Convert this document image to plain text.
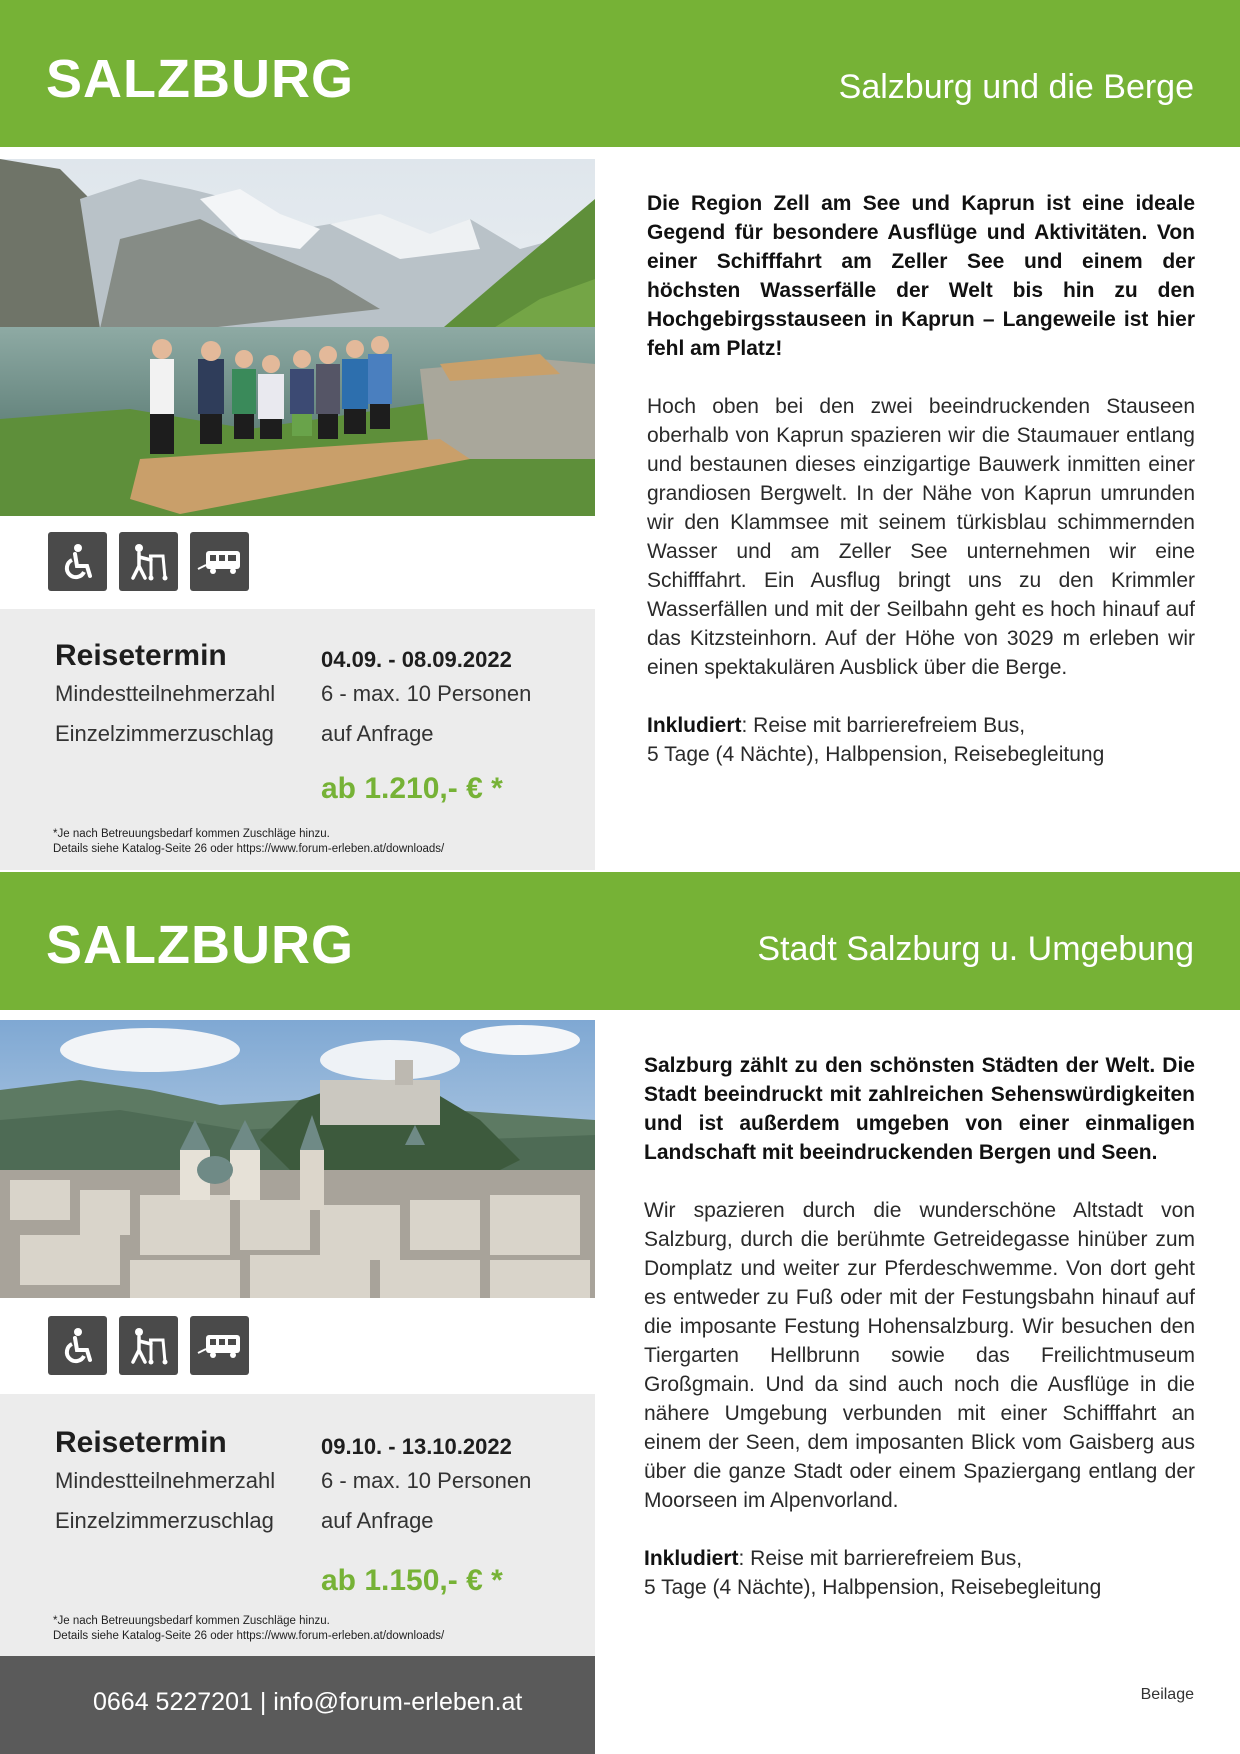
SALZBURG	Salzburg und die Berge
Reisetermin	04.09. - 08.09.2022
Mindestteilnehmerzahl 6 - max. 10 Personen
Einzelzimmerzuschlag auf Anfrage
ab 1.210,- € *
*Je nach Betreuungsbedarf kommen Zuschläge hinzu.
Details siehe Katalog-Seite 26 oder https://www.forum-erleben.at/downloads/

Die Region Zell am See und Kaprun ist eine ideale Gegend für besondere Ausflüge und Aktivitäten. Von einer Schifffahrt am Zeller See und einem der höchsten Wasserfälle der Welt bis hin zu den Hochgebirgsstauseen in Kaprun – Langeweile ist hier fehl am Platz!

Hoch oben bei den zwei beeindruckenden Stauseen oberhalb von Kaprun spazieren wir die Staumauer entlang und bestaunen dieses einzigartige Bauwerk inmitten einer grandiosen Bergwelt. In der Nähe von Kaprun umrunden wir den Klammsee mit seinem türkisblau schimmernden Wasser und am Zeller See unternehmen wir eine Schifffahrt. Ein Ausflug bringt uns zu den Krimmler Wasserfällen und mit der Seilbahn geht es hoch hinauf auf das Kitzsteinhorn. Auf der Höhe von 3029 m erleben wir einen spektakulären Ausblick über die Berge.

Inkludiert: Reise mit barrierefreiem Bus,
5 Tage (4 Nächte), Halbpension, Reisebegleitung

SALZBURG	Stadt Salzburg u. Umgebung
Reisetermin	09.10. - 13.10.2022
Mindestteilnehmerzahl 6 - max. 10 Personen
Einzelzimmerzuschlag auf Anfrage
ab 1.150,- € *
*Je nach Betreuungsbedarf kommen Zuschläge hinzu.
Details siehe Katalog-Seite 26 oder https://www.forum-erleben.at/downloads/

Salzburg zählt zu den schönsten Städten der Welt. Die Stadt beeindruckt mit zahlreichen Sehenswürdigkeiten und ist außerdem umgeben von einer einmaligen Landschaft mit beeindruckenden Bergen und Seen.

Wir spazieren durch die wunderschöne Altstadt von Salzburg, durch die berühmte Getreidegasse hinüber zum Domplatz und weiter zur Pferdeschwemme. Von dort geht es entweder zu Fuß oder mit der Festungsbahn hinauf auf die imposante Festung Hohensalzburg. Wir besuchen den Tiergarten Hellbrunn sowie das Freilichtmuseum Großgmain. Und da sind auch noch die Ausflüge in die nähere Umgebung verbunden mit einer Schifffahrt an einem der Seen, dem imposanten Blick vom Gaisberg aus über die ganze Stadt oder einem Spaziergang entlang der Moorseen im Alpenvorland.

Inkludiert: Reise mit barrierefreiem Bus,
5 Tage (4 Nächte), Halbpension, Reisebegleitung

0664 5227201 | info@forum-erleben.at	Beilage
